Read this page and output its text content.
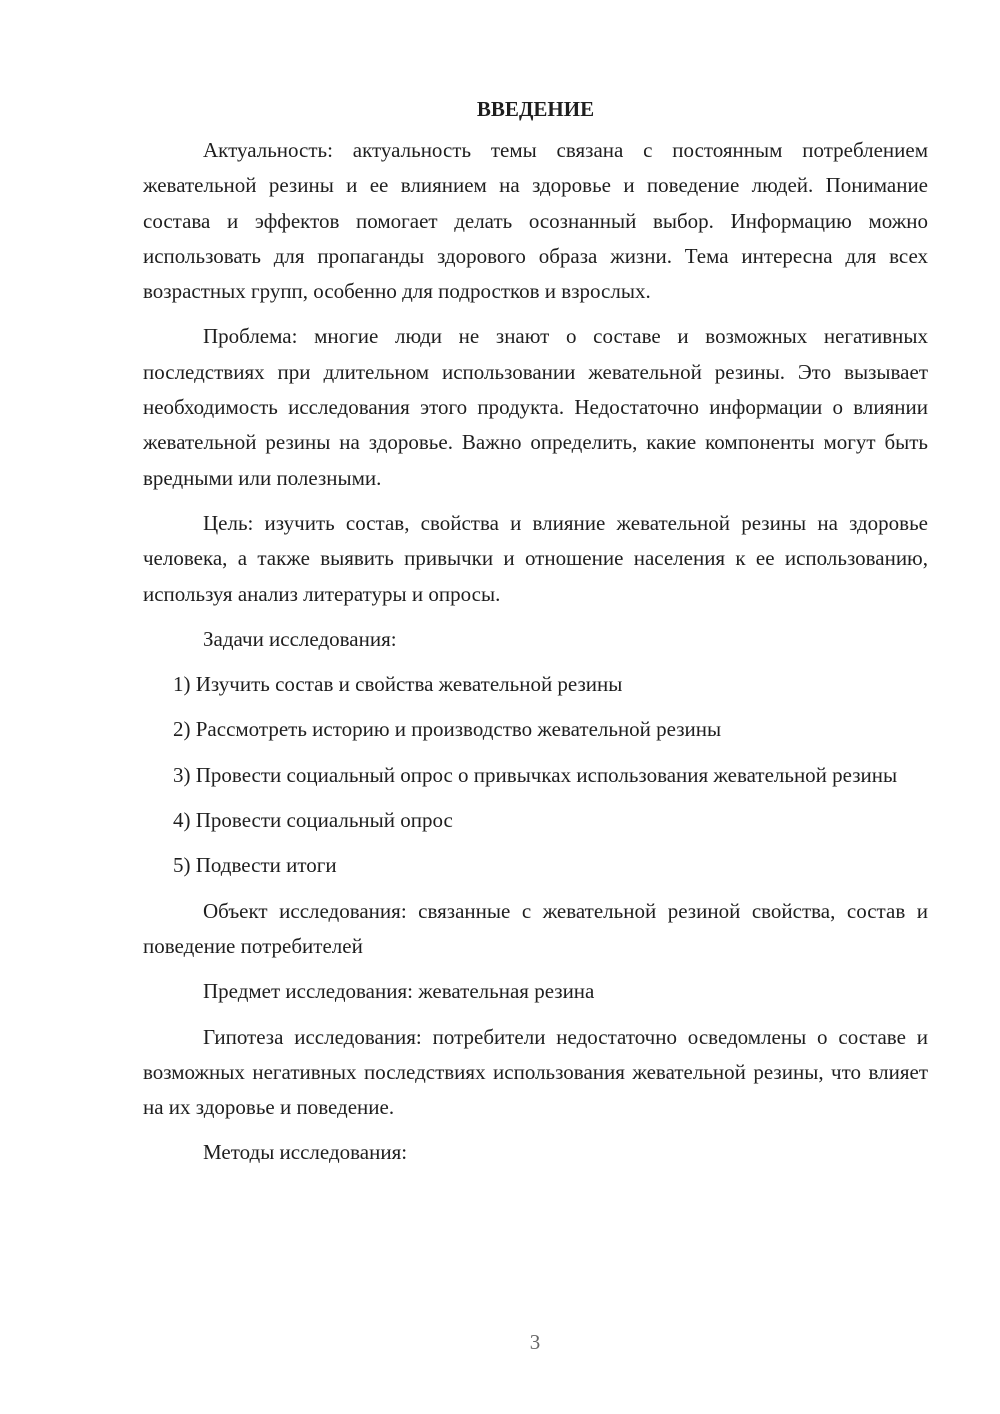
ВВЕДЕНИЕ

Актуальность: актуальность темы связана с постоянным потреблением жевательной резины и ее влиянием на здоровье и поведение людей. Понимание состава и эффектов помогает делать осознанный выбор. Информацию можно использовать для пропаганды здорового образа жизни. Тема интересна для всех возрастных групп, особенно для подростков и взрослых.

Проблема: многие люди не знают о составе и возможных негативных последствиях при длительном использовании жевательной резины. Это вызывает необходимость исследования этого продукта. Недостаточно информации о влиянии жевательной резины на здоровье. Важно определить, какие компоненты могут быть вредными или полезными.

Цель: изучить состав, свойства и влияние жевательной резины на здоровье человека, а также выявить привычки и отношение населения к ее использованию, используя анализ литературы и опросы.

Задачи исследования:

1) Изучить состав и свойства жевательной резины

2) Рассмотреть историю и производство жевательной резины

3) Провести социальный опрос о привычках использования жевательной резины

4) Провести социальный опрос

5) Подвести итоги

Объект исследования: связанные с жевательной резиной свойства, состав и поведение потребителей

Предмет исследования: жевательная резина

Гипотеза исследования: потребители недостаточно осведомлены о составе и возможных негативных последствиях использования жевательной резины, что влияет на их здоровье и поведение.

Методы исследования:

3
